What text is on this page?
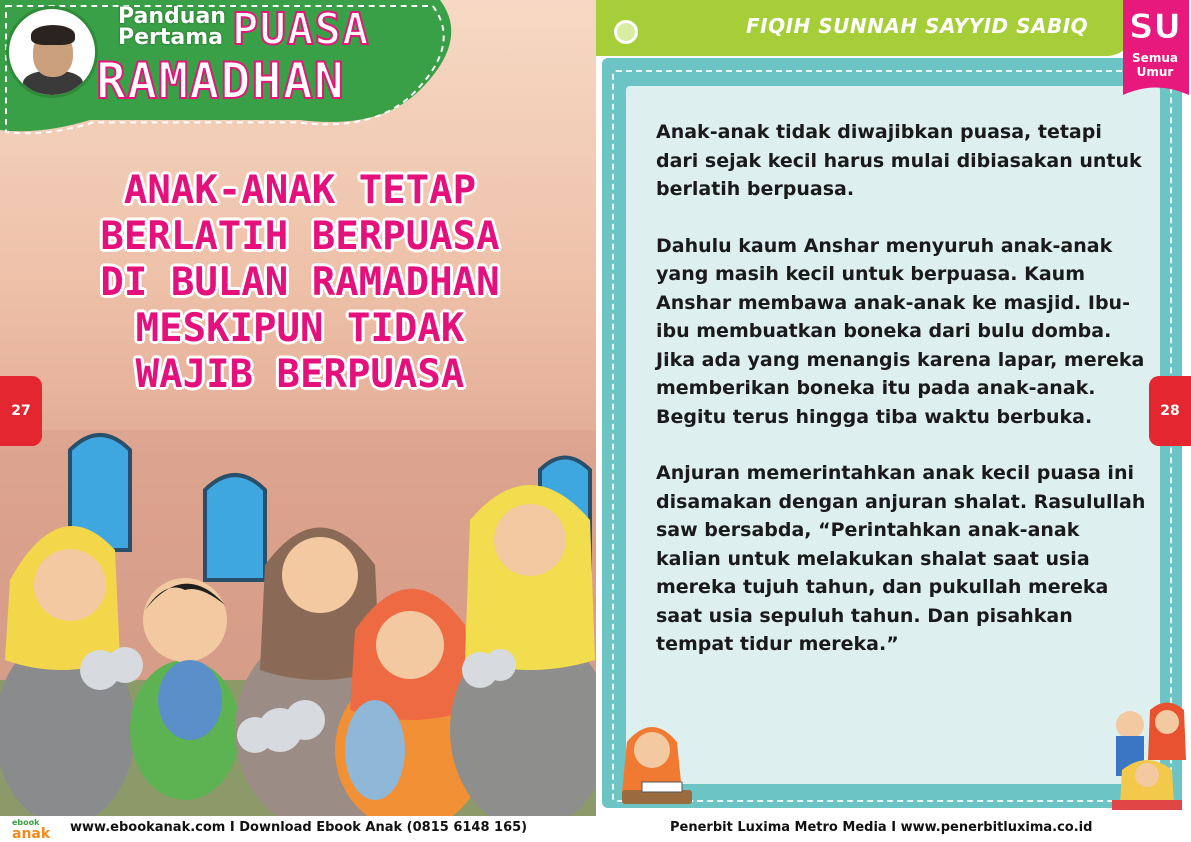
Panduan
Pertama PUASA
RAMADHAN
ANAK-ANAK TETAP
BERLATIH BERPUASA
DI BULAN RAMADHAN
MESKIPUN TIDAK
WAJIB BERPUASA
27
FIQIH SUNNAH SAYYID SABIQ SU
Semua
Umur

Anak-anak tidak diwajibkan puasa, tetapi dari sejak kecil harus mulai dibiasakan untuk berlatih berpuasa.

Dahulu kaum Anshar menyuruh anak-anak yang masih kecil untuk berpuasa. Kaum Anshar membawa anak-anak ke masjid. Ibu-ibu membuatkan boneka dari bulu domba. Jika ada yang menangis karena lapar, mereka memberikan boneka itu pada anak-anak. Begitu terus hingga tiba waktu berbuka.

Anjuran memerintahkan anak kecil puasa ini disamakan dengan anjuran shalat. Rasulullah saw bersabda, “Perintahkan anak-anak kalian untuk melakukan shalat saat usia mereka tujuh tahun, dan pukullah mereka saat usia sepuluh tahun. Dan pisahkan tempat tidur mereka.”

28
ebook
anak www.ebookanak.com I Download Ebook Anak (0815 6148 165)	Penerbit Luxima Metro Media I www.penerbitluxima.co.id
